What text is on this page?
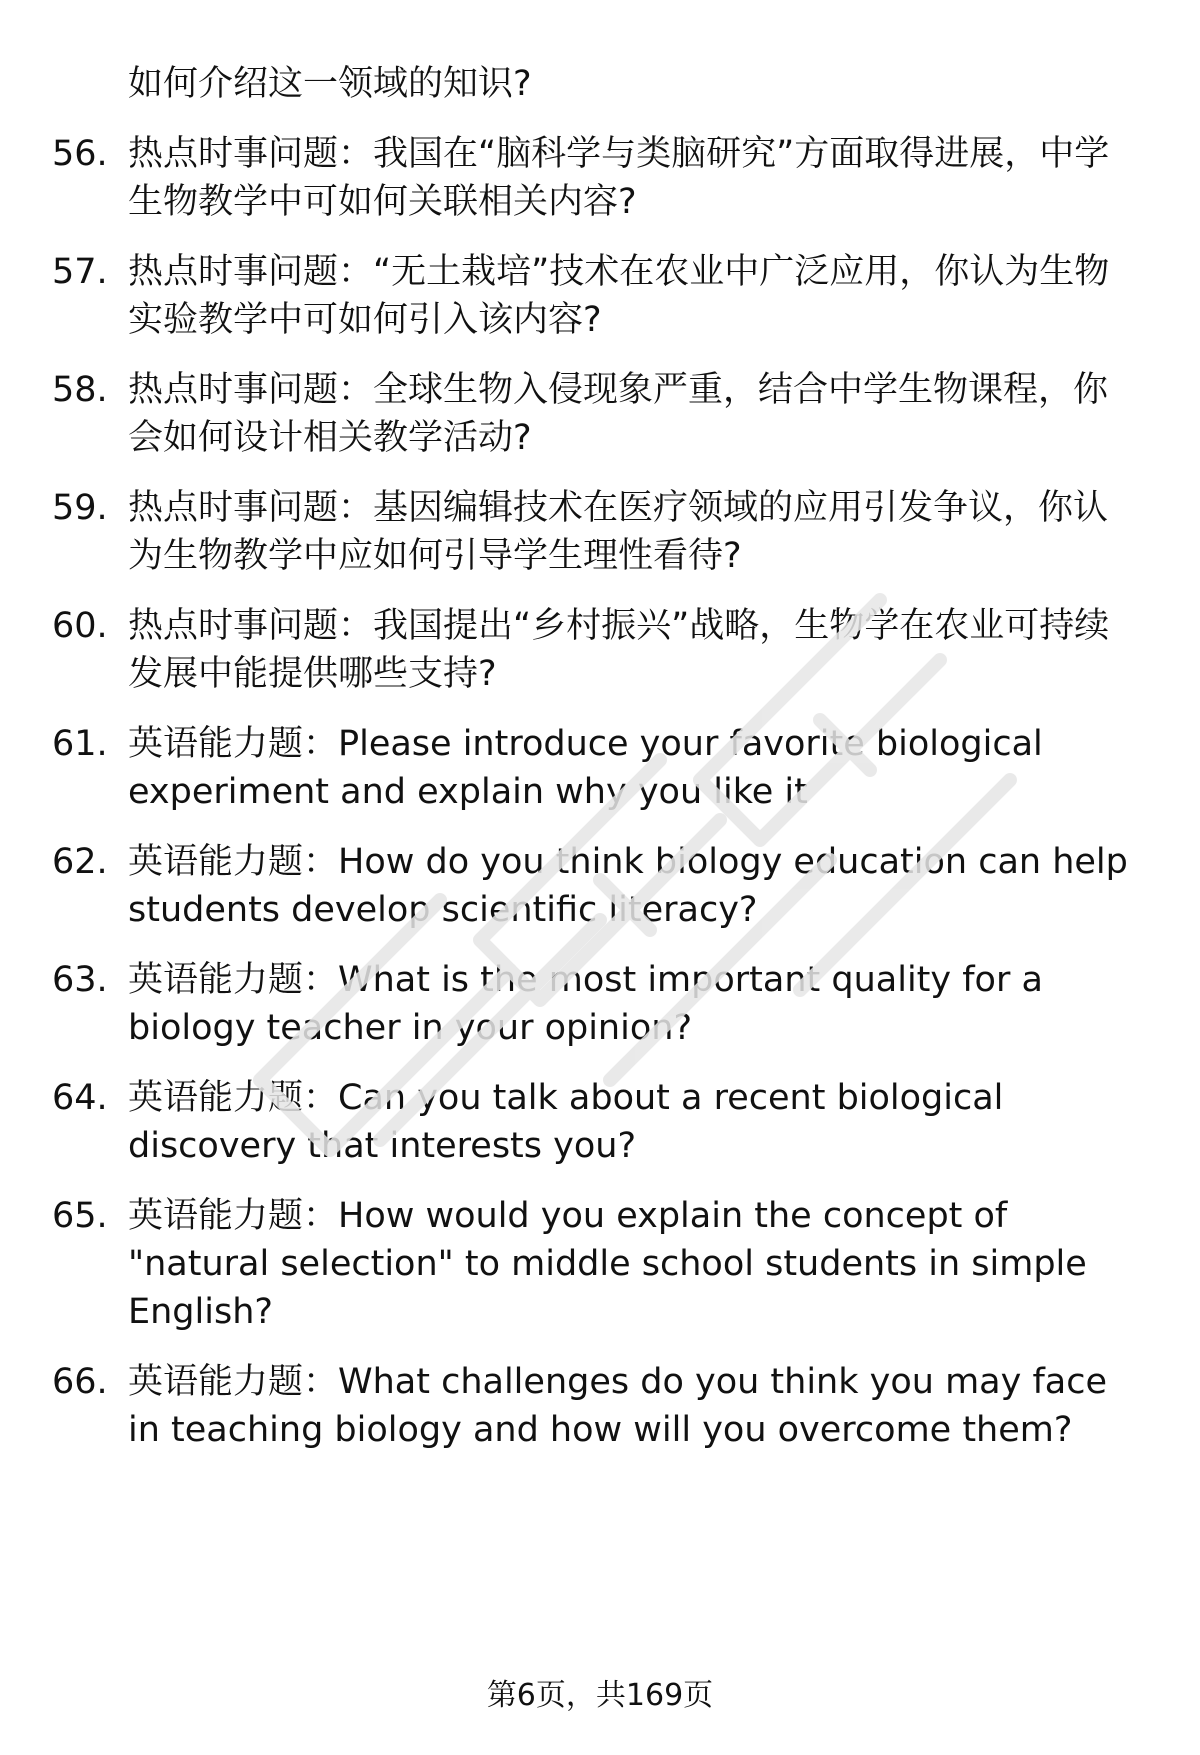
如何介绍这一领域的知识?
56. 热点时事问题：我国在“脑科学与类脑研究”方面取得进展，中学生物教学中可如何关联相关内容?
57. 热点时事问题：“无土栽培”技术在农业中广泛应用，你认为生物实验教学中可如何引入该内容?
58. 热点时事问题：全球生物入侵现象严重，结合中学生物课程，你会如何设计相关教学活动?
59. 热点时事问题：基因编辑技术在医疗领域的应用引发争议，你认为生物教学中应如何引导学生理性看待?
60. 热点时事问题：我国提出“乡村振兴”战略，生物学在农业可持续发展中能提供哪些支持?
61. 英语能力题：Please introduce your favorite biological experiment and explain why you like it
62. 英语能力题：How do you think biology education can help students develop scientific literacy?
63. 英语能力题：What is the most important quality for a biology teacher in your opinion?
64. 英语能力题：Can you talk about a recent biological discovery that interests you?
65. 英语能力题：How would you explain the concept of "natural selection" to middle school students in simple English?
66. 英语能力题：What challenges do you think you may face in teaching biology and how will you overcome them?
第6页，共169页
